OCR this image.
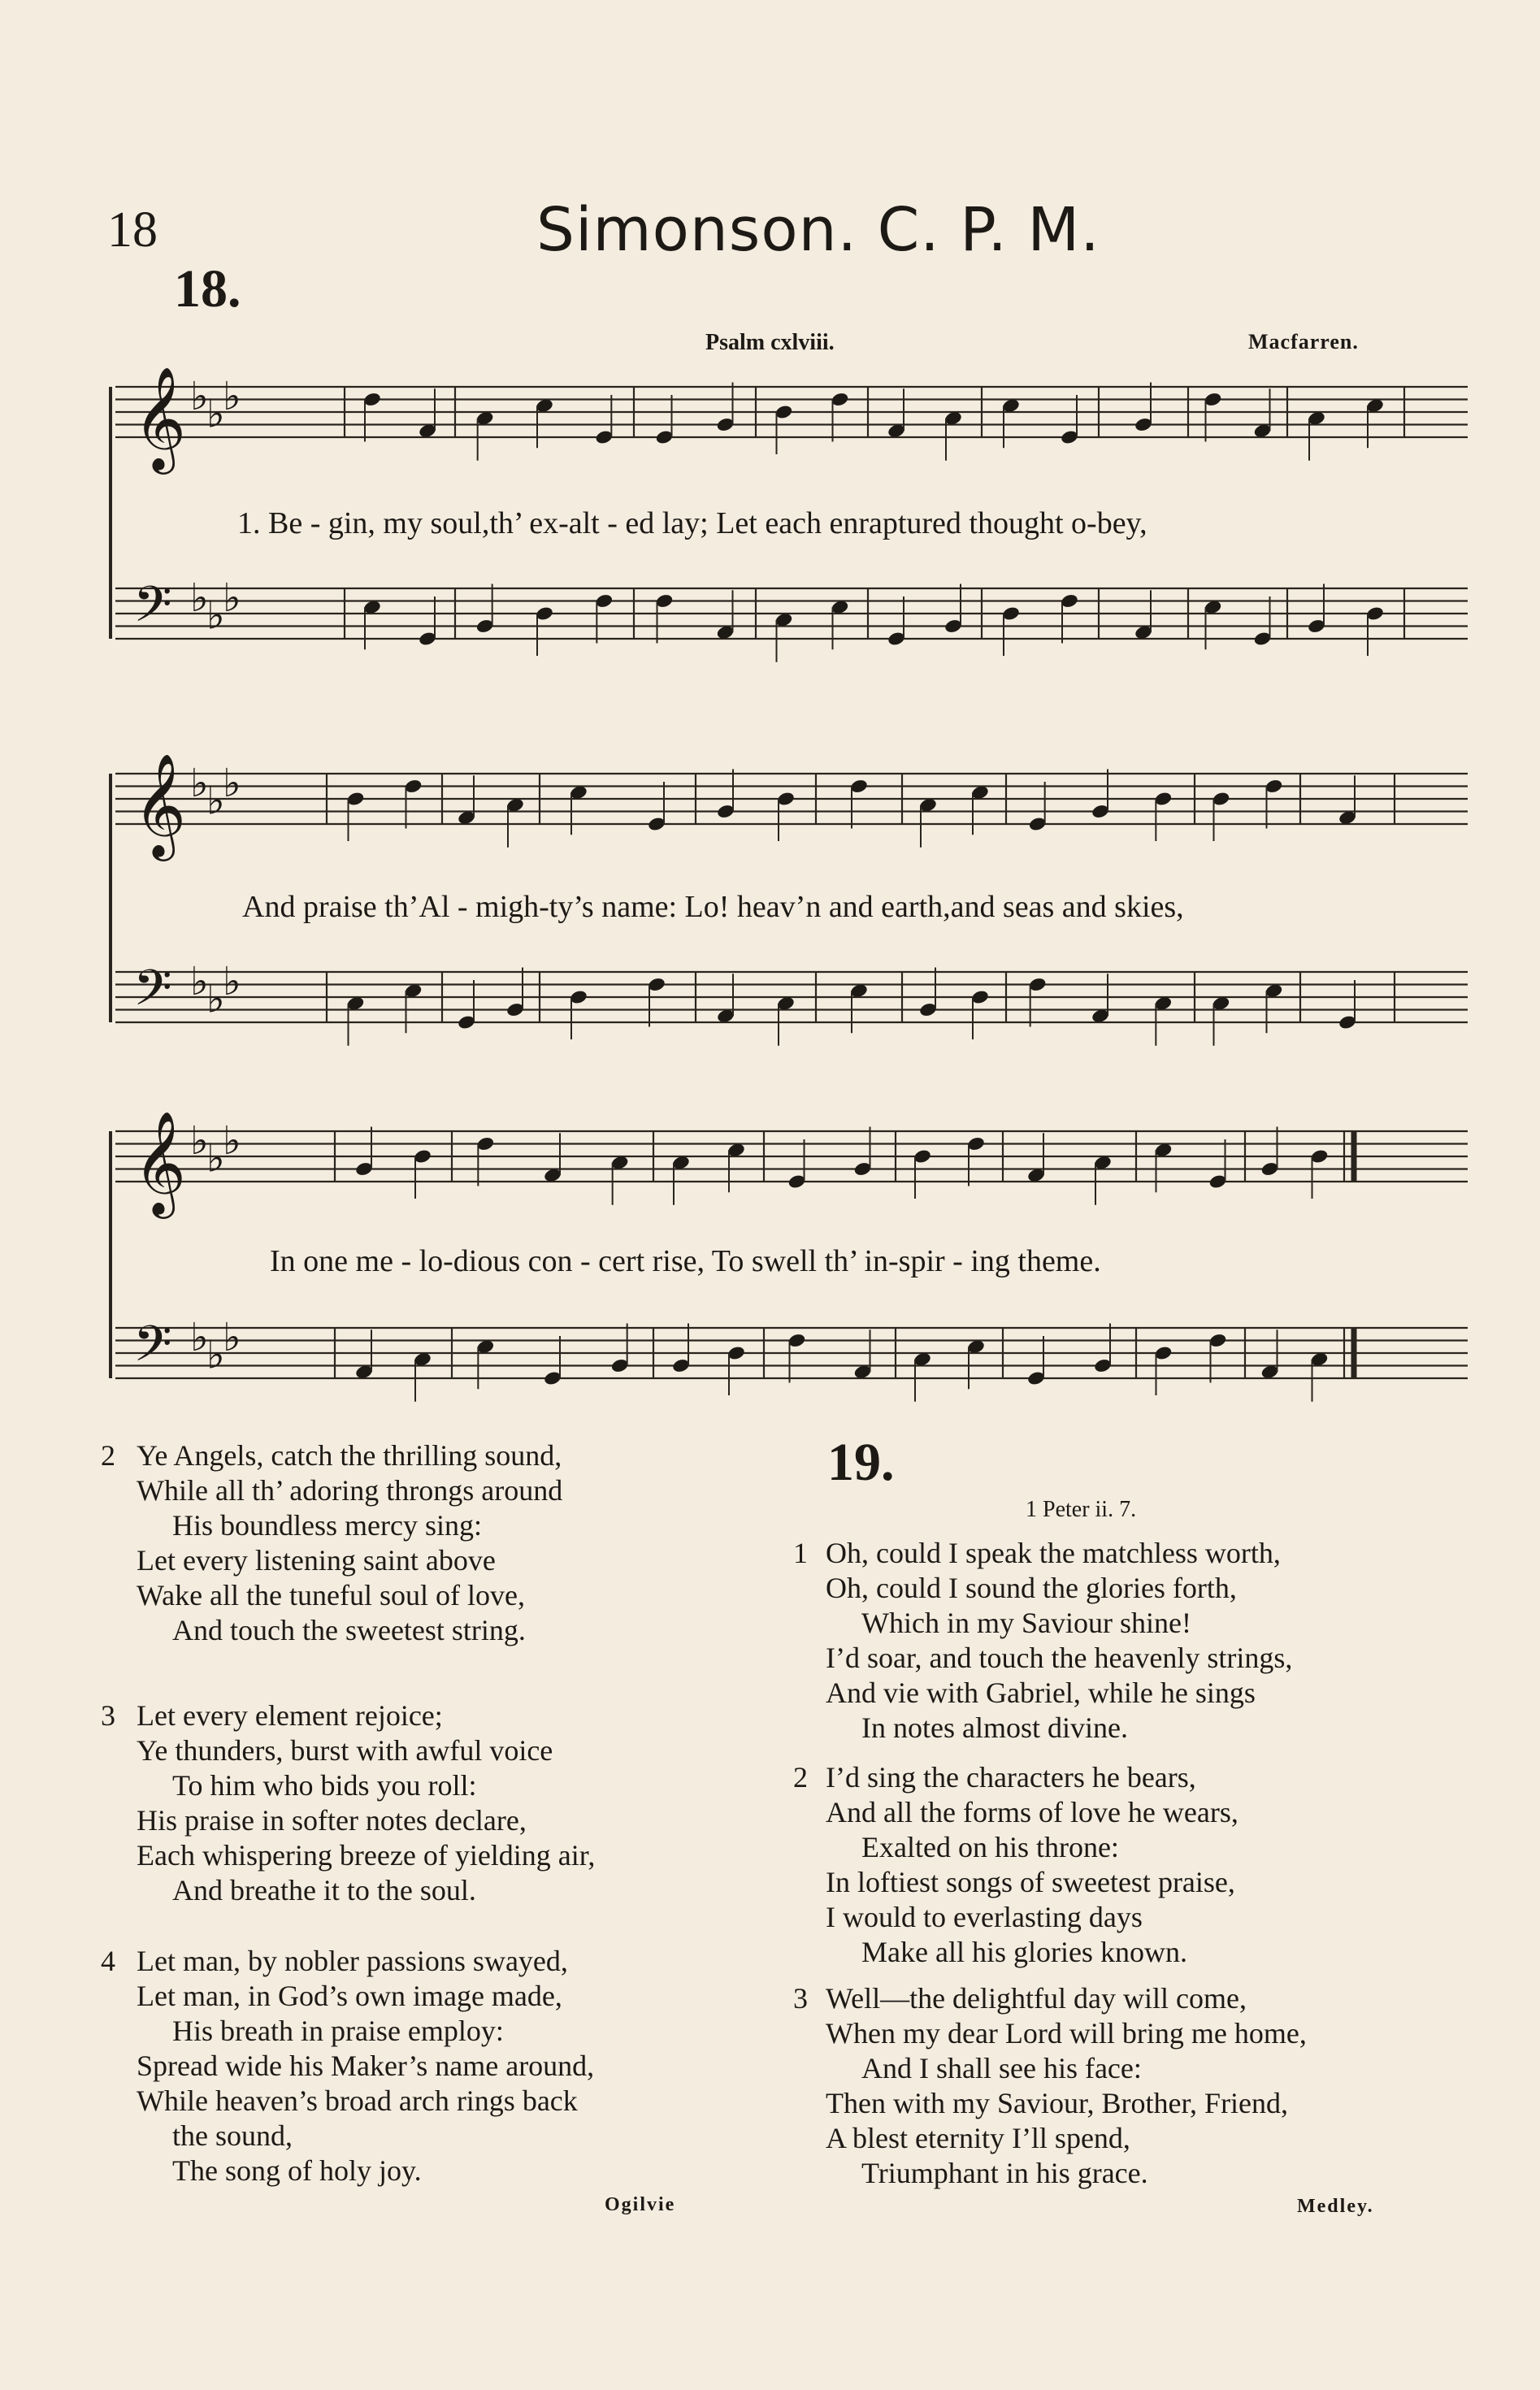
18	Simonson. C. P. M.
18.
Psalm cxlviii.	Macfarren.
𝄞 ♭
♭
♭
𝄢 ♭
♭
♭
𝄞 ♭
♭
♭
𝄢 ♭
♭
♭
𝄞 ♭
♭
♭
𝄢 ♭
♭
♭
1. Be - gin, my soul,th’ ex-alt - ed lay; Let each enraptured thought o-bey,
And praise th’Al - migh-ty’s name: Lo! heav’n and earth,and seas and skies,
In one me - lo-dious con - cert rise, To swell th’ in-spir - ing theme.
2 Ye Angels, catch the thrilling sound,
While all th’ adoring throngs around
His boundless mercy sing:
Let every listening saint above
Wake all the tuneful soul of love,
And touch the sweetest string.
3 Let every element rejoice;
Ye thunders, burst with awful voice
To him who bids you roll:
His praise in softer notes declare,
Each whispering breeze of yielding air,
And breathe it to the soul.
4 Let man, by nobler passions swayed,
Let man, in God’s own image made,
His breath in praise employ:
Spread wide his Maker’s name around,
While heaven’s broad arch rings back
the sound,
The song of holy joy.
Ogilvie
19.
1 Peter ii. 7.
1 Oh, could I speak the matchless worth,
Oh, could I sound the glories forth,
Which in my Saviour shine!
I’d soar, and touch the heavenly strings,
And vie with Gabriel, while he sings
In notes almost divine.
2 I’d sing the characters he bears,
And all the forms of love he wears,
Exalted on his throne:
In loftiest songs of sweetest praise,
I would to everlasting days
Make all his glories known.
3 Well—the delightful day will come,
When my dear Lord will bring me home,
And I shall see his face:
Then with my Saviour, Brother, Friend,
A blest eternity I’ll spend,
Triumphant in his grace.
Medley.
